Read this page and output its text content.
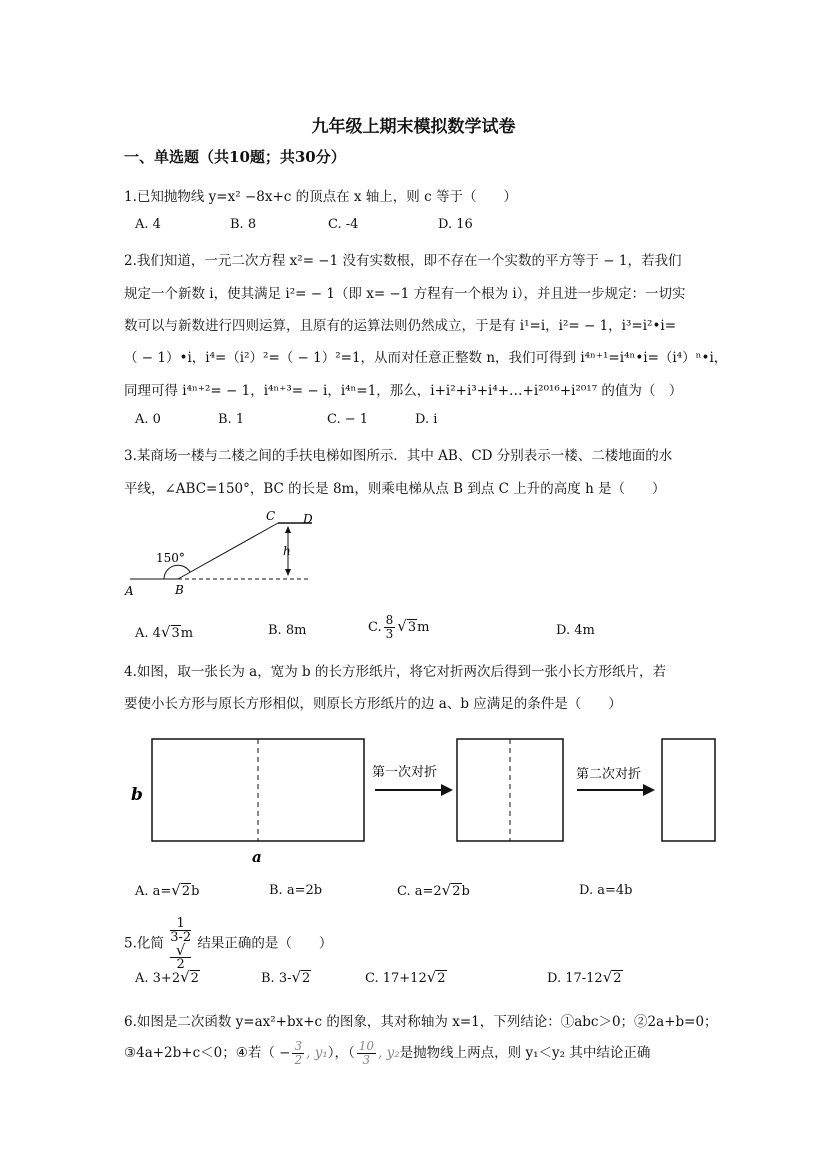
九年级上期末模拟数学试卷
一、单选题（共10题；共30分）
1.已知抛物线 y=x² −8x+c 的顶点在 x 轴上，则 c 等于（　　）
A. 4	B. 8	C. -4	D. 16
2.我们知道，一元二次方程 x²= −1 没有实数根，即不存在一个实数的平方等于 − 1，若我们
规定一个新数 i，使其满足 i²= − 1（即 x= −1 方程有一个根为 i），并且进一步规定：一切实
数可以与新数进行四则运算，且原有的运算法则仍然成立，于是有 i¹=i，i²= − 1，i³=i²•i=
（ − 1）•i，i⁴=（i²）²=（ − 1）²=1，从而对任意正整数 n，我们可得到 i⁴ⁿ⁺¹=i⁴ⁿ•i=（i⁴）ⁿ•i，
同理可得 i⁴ⁿ⁺²= − 1，i⁴ⁿ⁺³= − i，i⁴ⁿ=1，那么，i+i²+i³+i⁴+…+i²⁰¹⁶+i²⁰¹⁷ 的值为（　）
A. 0	B. 1	C. − 1	D. i
3.某商场一楼与二楼之间的手扶电梯如图所示．其中 AB、CD 分别表示一楼、二楼地面的水
平线，∠ABC=150°，BC 的长是 8m，则乘电梯从点 B 到点 C 上升的高度 h 是（　　）
150°
A	B
C D
h
A. 4√3m	B. 8m	C. $\frac{8}{3} √3m$	D. 4m
4.如图，取一张长为 a，宽为 b 的长方形纸片，将它对折两次后得到一张小长方形纸片，若
要使小长方形与原长方形相似，则原长方形纸片的边 a、b 应满足的条件是（　　）
b
a
第一次对折	第二次对折
A. a=√2b	B. a=2b	C. a=2√2b	D. a=4b
5.化简 1
3-2
√
2 结果正确的是（　　）
A. 3+2√2	B. 3-√2	C. 17+12√2	D. 17-12√2
6.如图是二次函数 y=ax²+bx+c 的图象，其对称轴为 x=1，下列结论：①abc＞0；②2a+b=0；
③4a+2b+c＜0；④若（ − $\frac{3}{2}$ , y₁），（ $\frac{10}{3}$ , y₂是抛物线上两点，则 y₁＜y₂ 其中结论正确
